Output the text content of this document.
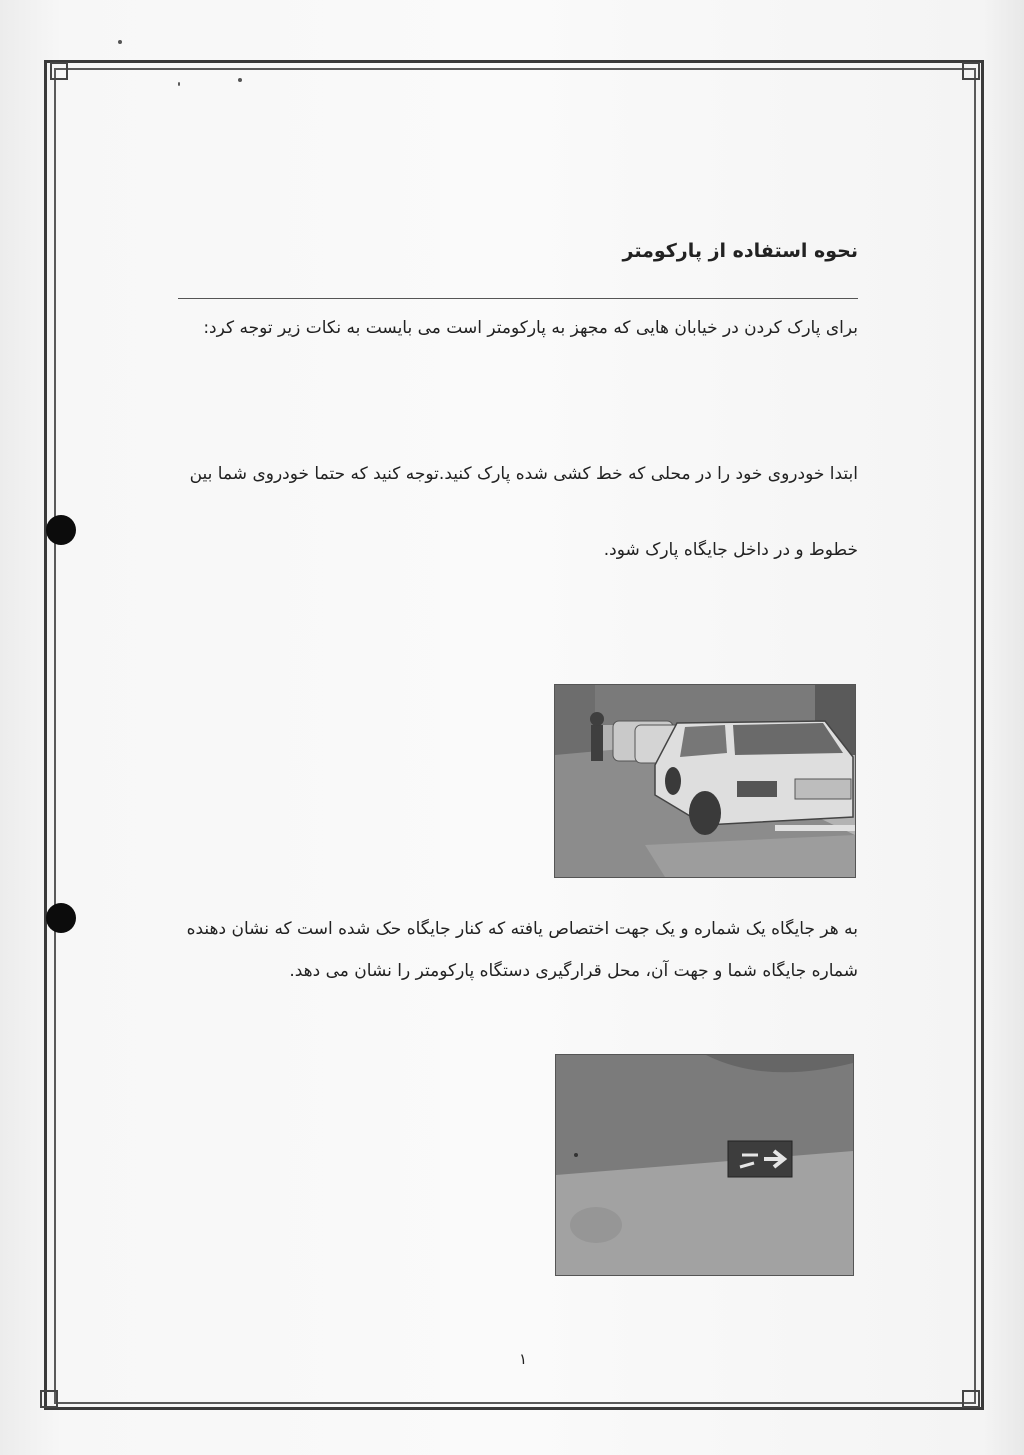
نحوه استفاده از پارکومتر
برای پارک کردن در خیابان هایی که مجهز به پارکومتر است می بایست به نکات زیر توجه کرد:
ابتدا خودروی خود را در محلی که خط کشی شده پارک کنید.توجه کنید که حتما خودروی شما بین خطوط و در داخل جایگاه پارک شود.
به هر جایگاه یک شماره و یک جهت اختصاص یافته که کنار جایگاه حک شده است که نشان دهنده شماره جایگاه شما و جهت آن، محل قرارگیری دستگاه پارکومتر را نشان می دهد.
۱
